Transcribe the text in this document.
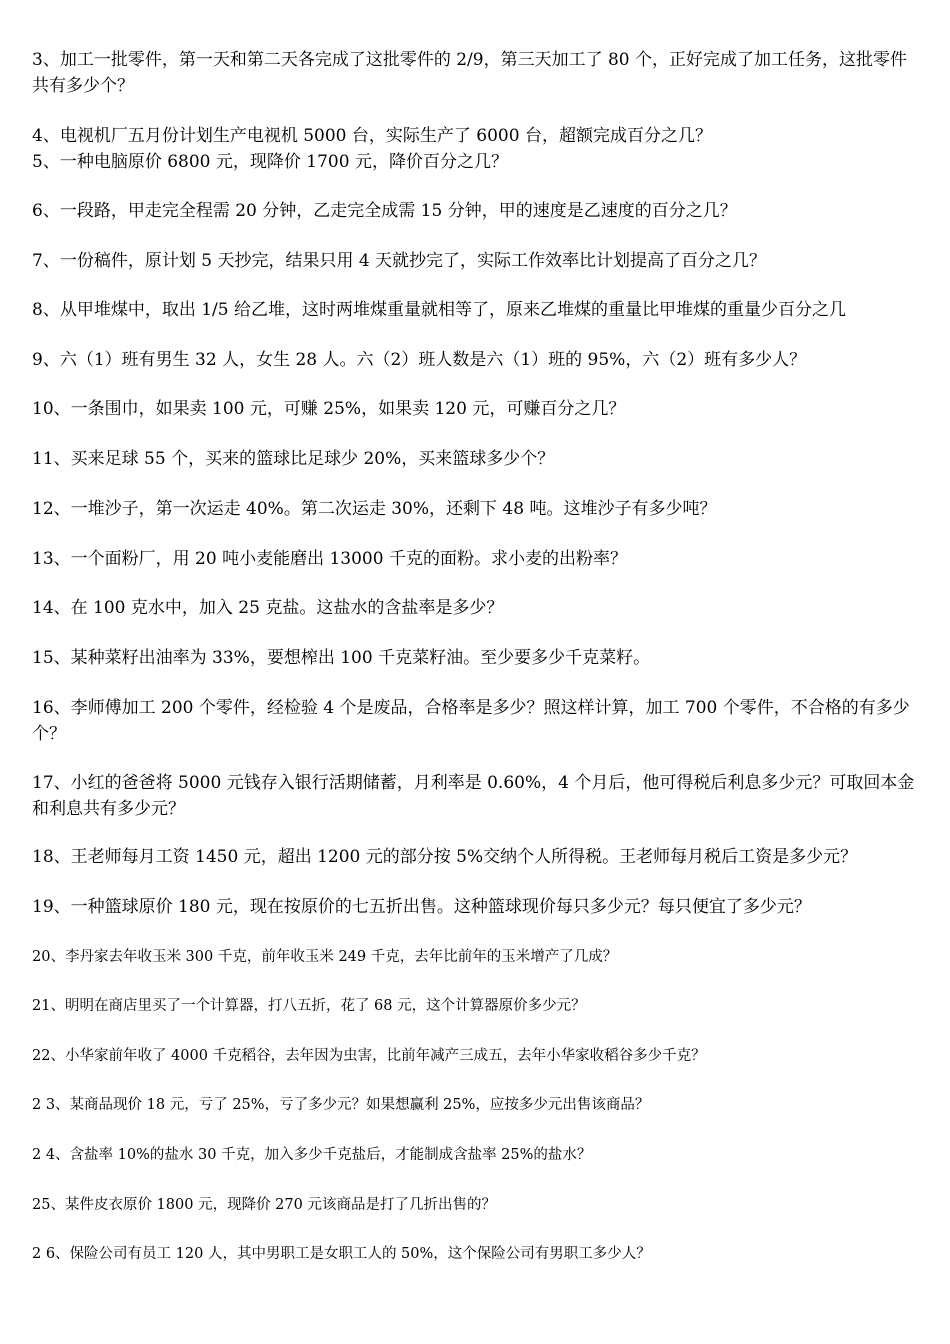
3、加工一批零件，第一天和第二天各完成了这批零件的 2/9，第三天加工了 80 个，正好完成了加工任务，这批零件共有多少个？

4、电视机厂五月份计划生产电视机 5000 台，实际生产了 6000 台，超额完成百分之几？

5、一种电脑原价 6800 元，现降价 1700 元，降价百分之几？

6、一段路，甲走完全程需 20 分钟，乙走完全成需 15 分钟，甲的速度是乙速度的百分之几？

7、一份稿件，原计划 5 天抄完，结果只用 4 天就抄完了，实际工作效率比计划提高了百分之几？

8、从甲堆煤中，取出 1/5 给乙堆，这时两堆煤重量就相等了，原来乙堆煤的重量比甲堆煤的重量少百分之几

9、六（1）班有男生 32 人，女生 28 人。六（2）班人数是六（1）班的 95%，六（2）班有多少人？

10、一条围巾，如果卖 100 元，可赚 25%，如果卖 120 元，可赚百分之几？

11、买来足球 55 个，买来的篮球比足球少 20%，买来篮球多少个？

12、一堆沙子，第一次运走 40%。第二次运走 30%，还剩下 48 吨。这堆沙子有多少吨？

13、一个面粉厂，用 20 吨小麦能磨出 13000 千克的面粉。求小麦的出粉率？

14、在 100 克水中，加入 25 克盐。这盐水的含盐率是多少？

15、某种菜籽出油率为 33%，要想榨出 100 千克菜籽油。至少要多少千克菜籽。

16、李师傅加工 200 个零件，经检验 4 个是废品，合格率是多少？照这样计算，加工 700 个零件，不合格的有多少个？

17、小红的爸爸将 5000 元钱存入银行活期储蓄，月利率是 0.60%，4 个月后，他可得税后利息多少元？可取回本金和利息共有多少元？

18、王老师每月工资 1450 元，超出 1200 元的部分按 5%交纳个人所得税。王老师每月税后工资是多少元？

19、一种篮球原价 180 元，现在按原价的七五折出售。这种篮球现价每只多少元？每只便宜了多少元？

20、李丹家去年收玉米 300 千克，前年收玉米 249 千克，去年比前年的玉米增产了几成？

21、明明在商店里买了一个计算器，打八五折，花了 68 元，这个计算器原价多少元？

22、小华家前年收了 4000 千克稻谷，去年因为虫害，比前年减产三成五，去年小华家收稻谷多少千克？

2 3、某商品现价 18 元，亏了 25%，亏了多少元？如果想赢利 25%，应按多少元出售该商品？

2 4、含盐率 10%的盐水 30 千克，加入多少千克盐后，才能制成含盐率 25%的盐水？

25、某件皮衣原价 1800 元，现降价 270 元该商品是打了几折出售的？

2 6、保险公司有员工 120 人，其中男职工是女职工人的 50%，这个保险公司有男职工多少人？
